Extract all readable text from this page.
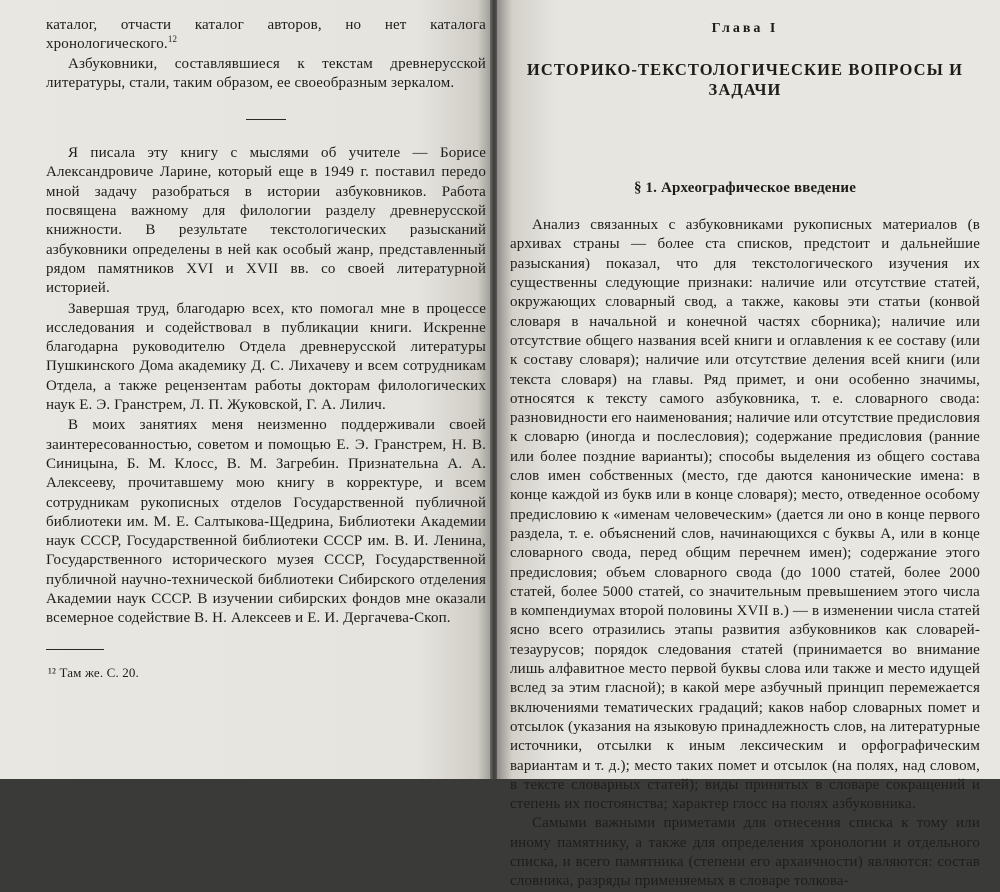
каталог, отчасти каталог авторов, но нет каталога хронологического.$^{12}$

Азбуковники, составлявшиеся к текстам древнерусской литературы, стали, таким образом, ее своеобразным зеркалом.

Я писала эту книгу с мыслями об учителе — Борисе Александровиче Ларине, который еще в 1949 г. поставил передо мной задачу разобраться в истории азбуковников. Работа посвящена важному для филологии разделу древнерусской книжности. В результате текстологических разысканий азбуковники определены в ней как особый жанр, представленный рядом памятников XVI и XVII вв. со своей литературной историей.

Завершая труд, благодарю всех, кто помогал мне в процессе исследования и содействовал в публикации книги. Искренне благодарна руководителю Отдела древнерусской литературы Пушкинского Дома академику Д. С. Лихачеву и всем сотрудникам Отдела, а также рецензентам работы докторам филологических наук Е. Э. Гранстрем, Л. П. Жуковской, Г. А. Лилич.

В моих занятиях меня неизменно поддерживали своей заинтересованностью, советом и помощью Е. Э. Гранстрем, Н. В. Синицына, Б. М. Клосс, В. М. Загребин. Признательна А. А. Алексееву, прочитавшему мою книгу в корректуре, и всем сотрудникам рукописных отделов Государственной публичной библиотеки им. М. Е. Салтыкова-Щедрина, Библиотеки Академии наук СССР, Государственной библиотеки СССР им. В. И. Ленина, Государственного исторического музея СССР, Государственной публичной научно-технической библиотеки Сибирского отделения Академии наук СССР. В изучении сибирских фондов мне оказали всемерное содействие В. Н. Алексеев и Е. И. Дергачева-Скоп.

¹² Там же. С. 20.

Глава I
ИСТОРИКО-ТЕКСТОЛОГИЧЕСКИЕ ВОПРОСЫ И ЗАДАЧИ
§ 1. Археографическое введение

Анализ связанных с азбуковниками рукописных материалов (в архивах страны — более ста списков, предстоит и дальнейшие разыскания) показал, что для текстологического изучения их существенны следующие признаки: наличие или отсутствие статей, окружающих словарный свод, а также, каковы эти статьи (конвой словаря в начальной и конечной частях сборника); наличие или отсутствие общего названия всей книги и оглавления к ее составу (или к составу словаря); наличие или отсутствие деления всей книги (или текста словаря) на главы. Ряд примет, и они особенно значимы, относятся к тексту самого азбуковника, т. е. словарного свода: разновидности его наименования; наличие или отсутствие предисловия к словарю (иногда и послесловия); содержание предисловия (ранние или более поздние варианты); способы выделения из общего состава слов имен собственных (место, где даются канонические имена: в конце каждой из букв или в конце словаря); место, отведенное особому предисловию к «именам человеческим» (дается ли оно в конце первого раздела, т. е. объяснений слов, начинающихся с буквы А, или в конце словарного свода, перед общим перечнем имен); содержание этого предисловия; объем словарного свода (до 1000 статей, более 2000 статей, более 5000 статей, со значительным превышением этого числа в компендиумах второй половины XVII в.) — в изменении числа статей ясно всего отразились этапы развития азбуковников как словарей-тезаурусов; порядок следования статей (принимается во внимание лишь алфавитное место первой буквы слова или также и место идущей вслед за этим гласной); в какой мере азбучный принцип перемежается включениями тематических градаций; каков набор словарных помет и отсылок (указания на языковую принадлежность слов, на литературные источники, отсылки к иным лексическим и орфографическим вариантам и т. д.); место таких помет и отсылок (на полях, над словом, в тексте словарных статей); виды принятых в словаре сокращений и степень их постоянства; характер глосс на полях азбуковника.

Самыми важными приметами для отнесения списка к тому или иному памятнику, а также для определения хронологии и отдельного списка, и всего памятника (степени его архаичности) являются: состав словника, разряды применяемых в словаре толкова-
